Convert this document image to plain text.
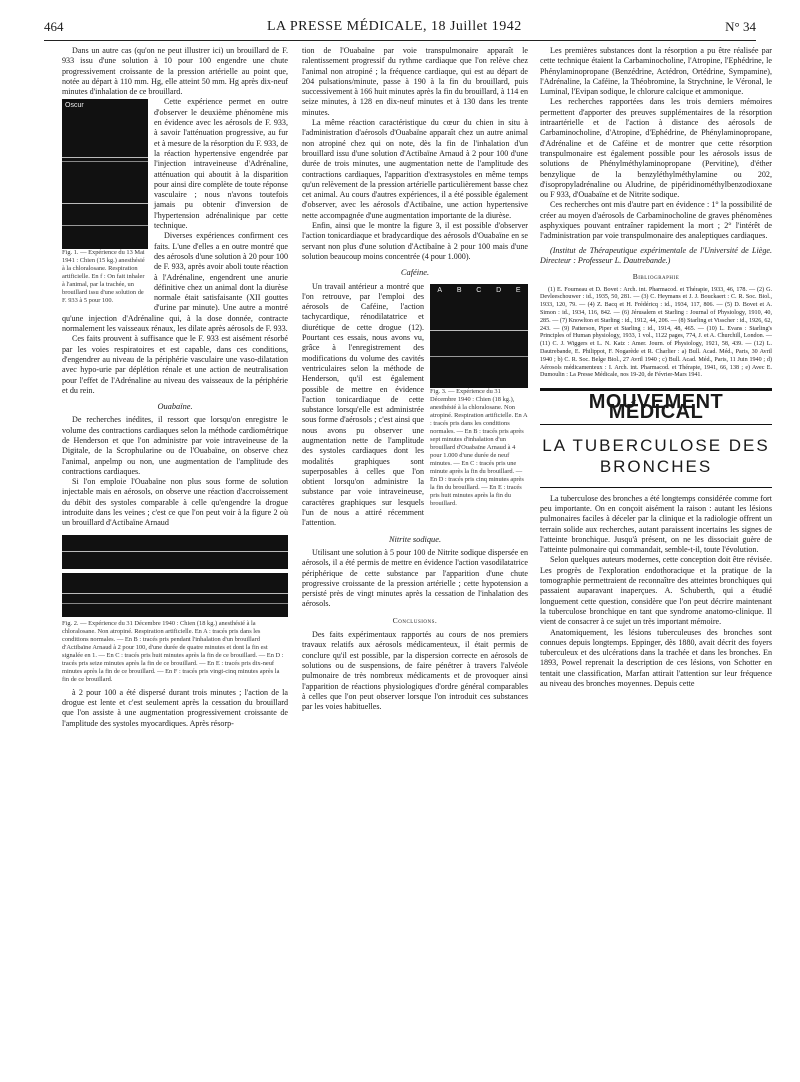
464	LA PRESSE MÉDICALE, 18 Juillet 1942	N° 34

Dans un autre cas (qu'on ne peut illustrer ici) un brouillard de F. 933 issu d'une solution à 10 pour 100 engendre une chute progressivement croissante de la pression artérielle au point que, notée au départ à 110 mm. Hg, elle atteint 50 mm. Hg après dix-neuf minutes d'inhalation de ce brouillard.

Oscur

Fig. 1. — Expérience du 13 Mai 1941 : Chien (15 kg.) anesthésié à la chloralosane. Respiration artificielle. En f : On fait inhaler à l'animal, par la trachée, un brouillard issu d'une solution de F. 933 à 5 pour 100.

Cette expérience permet en outre d'observer le deuxième phénomène mis en évidence avec les aérosols de F. 933, à savoir l'atténuation progressive, au fur et à mesure de la résorption du F. 933, de la réaction hypertensive engendrée par l'injection intraveineuse d'Adrénaline, atténuation qui aboutit à la disparition pour ainsi dire complète de toute réponse vasculaire ; nous n'avons toutefois jamais pu obtenir d'inversion de l'hypertension adrénalinique par cette technique.

Diverses expériences confirment ces faits. L'une d'elles a en outre montré que des aérosols d'une solution à 20 pour 100 de F. 933, après avoir aboli toute réaction à l'Adrénaline, engendrent une anurie définitive chez un animal dont la diurèse normale était satisfaisante (XII gouttes d'urine par minute). Une autre a montré qu'une injection d'Adrénaline qui, à la dose donnée, contracte normalement les vaisseaux rénaux, les dilate après aérosols de F. 933.

Ces faits prouvent à suffisance que le F. 933 est aisément résorbé par les voies respiratoires et est capable, dans ces conditions, d'engendrer au niveau de la périphérie vasculaire une vaso-dilatation avec hypo-urie par déplétion rénale et une action de neutralisation pour l'effet de l'Adrénaline au niveau des vaisseaux de la périphérie et du rein.

Ouabaïne.

De recherches inédites, il ressort que lorsqu'on enregistre le volume des contractions cardiaques selon la méthode cardiométrique de Henderson et que l'on administre par voie intraveineuse de la Digitale, de la Scrophularine ou de l'Ouabaïne, on observe chez l'animal, anpelmp ou non, une augmentation de l'amplitude des contractions cardiaques.

Si l'on emploie l'Ouabaïne non plus sous forme de solution injectable mais en aérosols, on observe une réaction d'accroissement du débit des systoles comparable à celle qu'engendre la drogue introduite dans les veines ; c'est ce que l'on peut voir à la figure 2 où un brouillard d'Actibaïne Arnaud

Fig. 2. — Expérience du 31 Décembre 1940 : Chien (18 kg.) anesthésié à la chloralosane. Non atropiné. Respiration artificielle. En A : tracés pris dans les conditions normales. — En B : tracés pris pendant l'inhalation d'un brouillard d'Actibaïne Arnaud à 2 pour 100, d'une durée de quatre minutes et dont la fin est signalée en 1. — En C : tracés pris huit minutes après la fin de ce brouillard. — En D : tracés pris seize minutes après la fin de ce brouillard. — En E : tracés pris dix-neuf minutes après la fin de ce brouillard. — En F : tracés pris vingt-cinq minutes après la fin de ce brouillard.

à 2 pour 100 a été dispersé durant trois minutes ; l'action de la drogue est lente et c'est seulement après la cessation du brouillard que l'on assiste à une augmentation progressivement croissante de l'amplitude des systoles myocardiques. Après résorp-

tion de l'Ouabaïne par voie transpulmonaire apparaît le ralentissement progressif du rythme cardiaque que l'on relève chez l'animal non atropiné ; la fréquence cardiaque, qui est au départ de 204 pulsations/minute, passe à 190 à la fin du brouillard, puis successivement à 166 huit minutes après la fin du brouillard, à 114 en seize minutes, à 128 en dix-neuf minutes et à 130 dans les trente minutes.

La même réaction caractéristique du cœur du chien in situ à l'administration d'aérosols d'Ouabaïne apparaît chez un autre animal non atropiné chez qui on note, dès la fin de l'inhalation d'un brouillard issu d'une solution d'Actibaïne Arnaud à 2 pour 100 d'une durée de trois minutes, une augmentation nette de l'amplitude des contractions cardiaques, l'apparition d'extrasystoles en même temps qu'un relèvement de la pression artérielle particulièrement basse chez cet animal. Au cours d'autres expériences, il a été possible également d'observer, avec les aérosols d'Actibaïne, une action hypertensive nette accompagnée d'une augmentation importante de la diurèse.

Enfin, ainsi que le montre la figure 3, il est possible d'observer l'action tonicardiaque et bradycardique des aérosols d'Ouabaïne en se servant non plus d'une solution d'Actibaïne à 2 pour 100 mais d'une solution beaucoup moins concentrée (4 pour 1.000).

Caféine.

A B C D E

Fig. 3. — Expérience du 31 Décembre 1940 : Chien (18 kg.), anesthésié à la chloralosane. Non atropiné. Respiration artificielle. En A : tracés pris dans les conditions normales. — En B : tracés pris après sept minutes d'inhalation d'un brouillard d'Ouabaïne Arnaud à 4 pour 1.000 d'une durée de neuf minutes. — En C : tracés pris une minute après la fin du brouillard. — En D : tracés pris cinq minutes après la fin du brouillard. — En E : tracés pris huit minutes après la fin du brouillard.

Un travail antérieur a montré que l'on retrouve, par l'emploi des aérosols de Caféine, l'action tachycardique, rénodilatatrice et diurétique de cette drogue (12). Pourtant ces essais, nous avons vu, grâce à l'enregistrement des modifications du volume des cavités ventriculaires selon la méthode de Henderson, qu'il est également possible de mettre en évidence l'action tonicardiaque de cette substance lorsqu'elle est administrée sous forme d'aérosols ; c'est ainsi que nous avons pu observer une augmentation nette de l'amplitude des systoles cardiaques dont les modalités graphiques sont superposables à celles que l'on obtient lorsqu'on administre la substance par voie intraveineuse, caractères graphiques sur lesquels l'un de nous a attiré récemment l'attention.

Nitrite sodique.

Utilisant une solution à 5 pour 100 de Nitrite sodique dispersée en aérosols, il a été permis de mettre en évidence l'action vasodilatatrice périphérique de cette substance par l'apparition d'une chute progressive croissante de la pression artérielle ; cette hypotension a persisté près de vingt minutes après la cessation de l'inhalation des aérosols.

Conclusions.

Des faits expérimentaux rapportés au cours de nos premiers travaux relatifs aux aérosols médicamenteux, il était permis de conclure qu'il est possible, par la dispersion correcte en aérosols de solutions ou de suspensions, de faire pénétrer à travers l'alvéole pulmonaire de très nombreux médicaments et de provoquer ainsi l'apparition de réactions physiologiques d'ordre général comparables à celles que l'on peut observer lorsque l'on introduit ces substances par les voies habituelles.

Les premières substances dont la résorption a pu être réalisée par cette technique étaient la Carbaminocholine, l'Atropine, l'Ephédrine, le Phénylaminopropane (Benzédrine, Actédron, Ortédrine, Sympamine), l'Adrénaline, la Caféine, la Théobromine, la Strychnine, le Véronal, le Luminal, l'Evipan sodique, le chlorure calcique et ammonique.

Les recherches rapportées dans les trois derniers mémoires permettent d'apporter des preuves supplémentaires de la résorption intraartérielle et de l'action à distance des aérosols de Carbaminocholine, d'Atropine, d'Ephédrine, de Phénylaminopropane, d'Adrénaline et de Caféine et de montrer que cette résorption transpulmonaire est également possible pour les aérosols issus de solutions de Phénylméthylaminopropane (Pervitine), d'éther benzylique de la benzyléthylméthylamine ou 202, d'isopropyladrénaline ou Aludrine, de pipéridinométhylbenzodioxane ou F 933, d'Ouabaïne et de Nitrite sodique.

Ces recherches ont mis d'autre part en évidence : 1° la possibilité de créer au moyen d'aérosols de Carbaminocholine de graves phénomènes asphyxiques pouvant entraîner rapidement la mort ; 2° l'intérêt de l'administration par voie transpulmonaire des analeptiques cardiaques.

(Institut de Thérapeutique expérimentale de l'Université de Liège. Directeur : Professeur L. Dautrebande.)

Bibliographie

(1) E. Fourneau et D. Bovet : Arch. int. Pharmacod. et Thérapie, 1933, 46, 178. — (2) G. Devleeschouwer : id., 1935, 50, 281. — (3) C. Heymans et J. J. Bouckaert : C. R. Soc. Biol., 1933, 120, 79. — (4) Z. Bacq et H. Frédéricq : id., 1934, 117, 806. — (5) D. Bovet et A. Simon : id., 1934, 116, 842. — (6) Jérusalem et Starling : Journal of Physiology, 1910, 40, 285. — (7) Knowlton et Starling : id., 1912, 44, 206. — (8) Starling et Visscher : id., 1926, 62, 243. — (9) Patterson, Piper et Starling : id., 1914, 48, 465. — (10) L. Evans : Starling's Principles of Human physiology, 1933, 1 vol., 1122 pages, 774, J. et A. Churchill, London. — (11) C. J. Wiggers et L. N. Katz : Amer. Journ. of Physiology, 1921, 58, 439. — (12) L. Dautrebande, E. Philippot, F. Nogarède et R. Charlier : a) Bull. Acad. Méd., Paris, 30 Avril 1940 ; b) C. R. Soc. Belge Biol., 27 Avril 1940 ; c) Bull. Acad. Méd., Paris, 11 Juin 1940 ; d) Aérosols médicamenteux : I. Arch. int. Pharmacod. et Thérapie, 1941, 66, 138 ; e) Avec E. Dumoulin : La Presse Médicale, nos 19-20, de Février-Mars 1941.

MOUVEMENT MÉDICAL
LA TUBERCULOSE DES BRONCHES

La tuberculose des bronches a été longtemps considérée comme fort peu importante. On en conçoit aisément la raison : autant les lésions pulmonaires faciles à déceler par la clinique et la radiologie offrent un terrain solide aux recherches, autant paraissent incertains les signes de l'atteinte bronchique. Jusqu'à présent, on ne les dissociait guère de l'atteinte pulmonaire qui commandait, semble-t-il, toute l'évolution.

Selon quelques auteurs modernes, cette conception doit être révisée. Les progrès de l'exploration endothoracique et la pratique de la tomographie permettraient de reconnaître des atteintes bronchiques qui passaient auparavant inaperçues. A. Schuberth, qui a étudié longuement cette question, considère que l'on peut décrire maintenant la tuberculose bronchique en tant que syndrome anatomo-clinique. Il vient de consacrer à ce sujet un très important mémoire.

Anatomiquement, les lésions tuberculeuses des bronches sont connues depuis longtemps. Eppinger, dès 1880, avait décrit des foyers tuberculeux et des ulcérations dans la trachée et dans les bronches. En 1893, Powel reprenait la description de ces lésions, von Schotter en tentait une classification, Marfan attirait l'attention sur leur fréquence au niveau des bronches moyennes. Depuis cette
